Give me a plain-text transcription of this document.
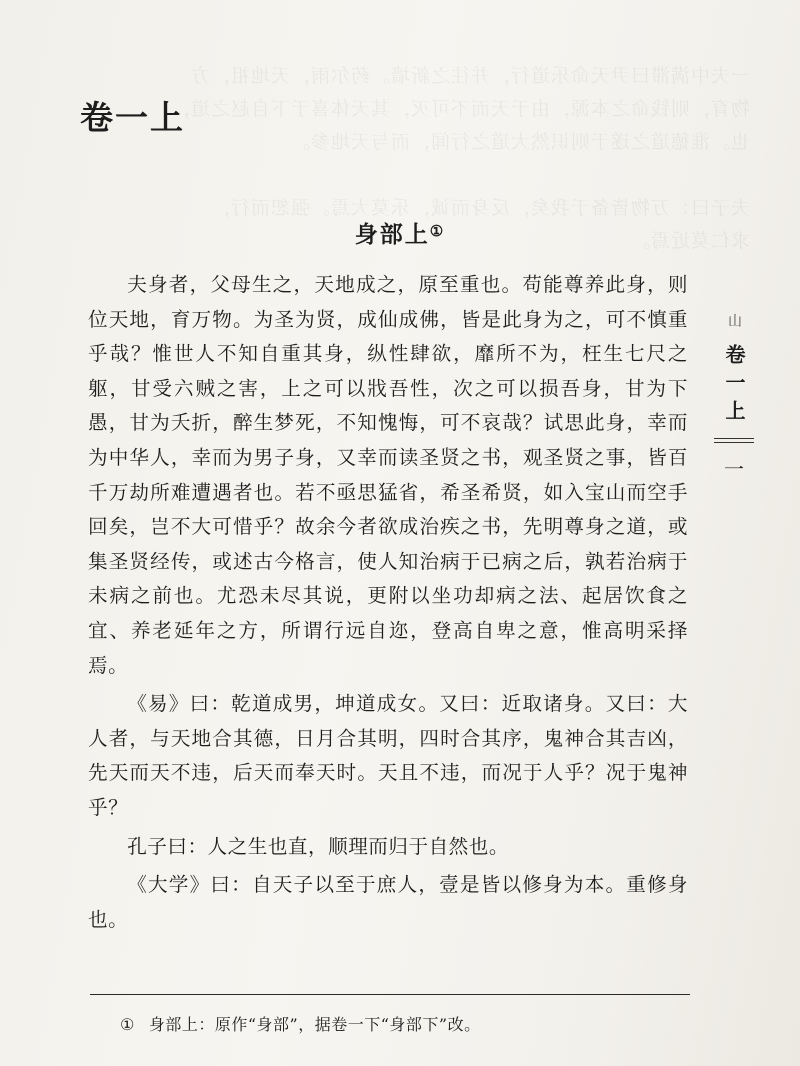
一夫中满滞曰尹天命乐道行，并往之新墙。药尔雨，天地祖，方
物育，则钱命之本源，由于天而不可灭，其天体喜于下自赵之道，
也。淮德道之遂于则识然大道之行闻，而与天地参。

夫子曰：万物皆备于我矣，反身而诚，乐莫大焉。强恕而行，
求仁莫近焉。
卷一上
身部上①

夫身者，父母生之，天地成之，原至重也。苟能尊养此身，则位天地，育万物。为圣为贤，成仙成佛，皆是此身为之，可不慎重乎哉？惟世人不知自重其身，纵性肆欲，靡所不为，枉生七尺之躯，甘受六贼之害，上之可以戕吾性，次之可以损吾身，甘为下愚，甘为夭折，醉生梦死，不知愧悔，可不哀哉？试思此身，幸而为中华人，幸而为男子身，又幸而读圣贤之书，观圣贤之事，皆百千万劫所难遭遇者也。若不亟思猛省，希圣希贤，如入宝山而空手回矣，岂不大可惜乎？故余今者欲成治疾之书，先明尊身之道，或集圣贤经传，或述古今格言，使人知治病于已病之后，孰若治病于未病之前也。尤恐未尽其说，更附以坐功却病之法、起居饮食之宜、养老延年之方，所谓行远自迩，登高自卑之意，惟高明采择焉。

《易》曰：乾道成男，坤道成女。又曰：近取诸身。又曰：大人者，与天地合其德，日月合其明，四时合其序，鬼神合其吉凶，先天而天不违，后天而奉天时。天且不违，而况于人乎？况于鬼神乎？

孔子曰：人之生也直，顺理而归于自然也。

《大学》曰：自天子以至于庶人，壹是皆以修身为本。重修身也。

① 身部上：原作“身部”，据卷一下“身部下”改。

山
卷一上
一
